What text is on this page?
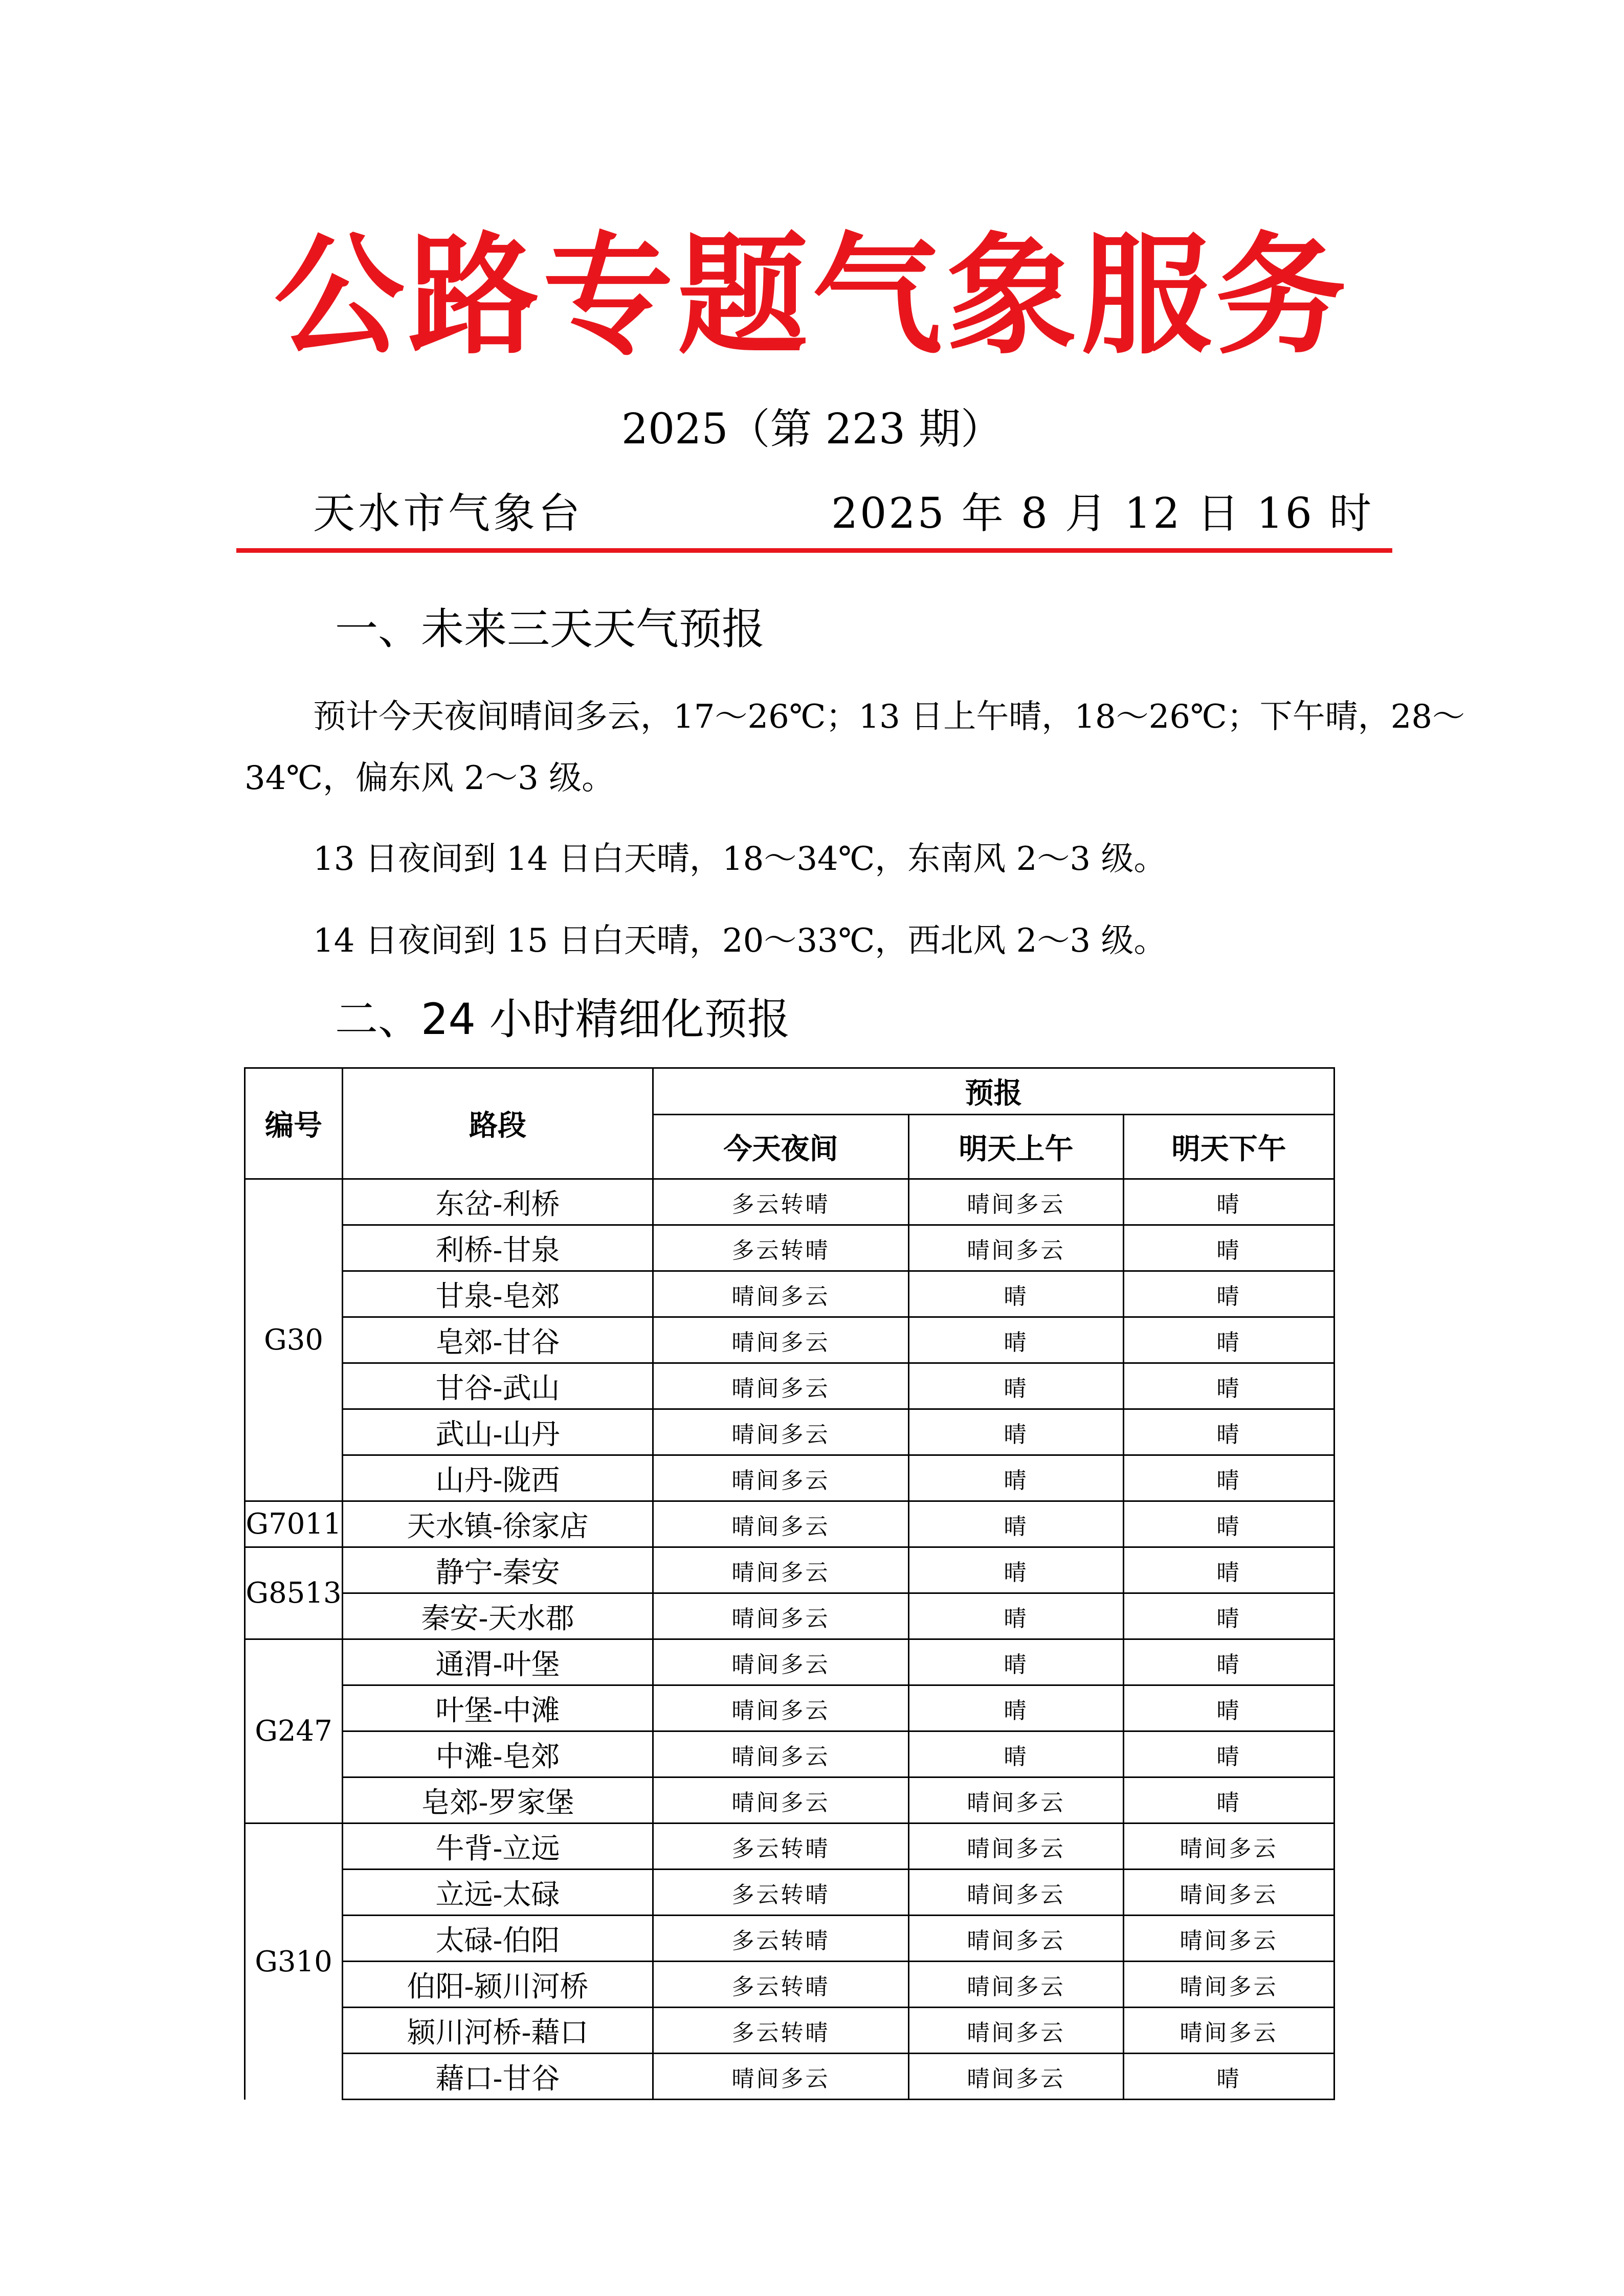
公路专题气象服务
2025（第 223 期）
天水市气象台	2025 年 8 月 12 日 16 时
一、未来三天天气预报
预计今天夜间晴间多云，17～26℃；13 日上午晴，18～26℃；下午晴，28～
34℃，偏东风 2～3 级。
13 日夜间到 14 日白天晴，18～34℃，东南风 2～3 级。
14 日夜间到 15 日白天晴，20～33℃，西北风 2～3 级。
二、24 小时精细化预报
编号	路段	预报		
		今天夜间	明天上午	明天下午
G30	东岔-利桥	多云转晴	晴间多云	晴
	利桥-甘泉	多云转晴	晴间多云	晴
	甘泉-皂郊	晴间多云	晴	晴
	皂郊-甘谷	晴间多云	晴	晴
	甘谷-武山	晴间多云	晴	晴
	武山-山丹	晴间多云	晴	晴
	山丹-陇西	晴间多云	晴	晴
G7011	天水镇-徐家店	晴间多云	晴	晴
G8513	静宁-秦安	晴间多云	晴	晴
	秦安-天水郡	晴间多云	晴	晴
G247	通渭-叶堡	晴间多云	晴	晴
	叶堡-中滩	晴间多云	晴	晴
	中滩-皂郊	晴间多云	晴	晴
	皂郊-罗家堡	晴间多云	晴间多云	晴
G310	牛背-立远	多云转晴	晴间多云	晴间多云
	立远-太碌	多云转晴	晴间多云	晴间多云
	太碌-伯阳	多云转晴	晴间多云	晴间多云
	伯阳-颍川河桥	多云转晴	晴间多云	晴间多云
	颍川河桥-藉口	多云转晴	晴间多云	晴间多云
	藉口-甘谷	晴间多云	晴间多云	晴
